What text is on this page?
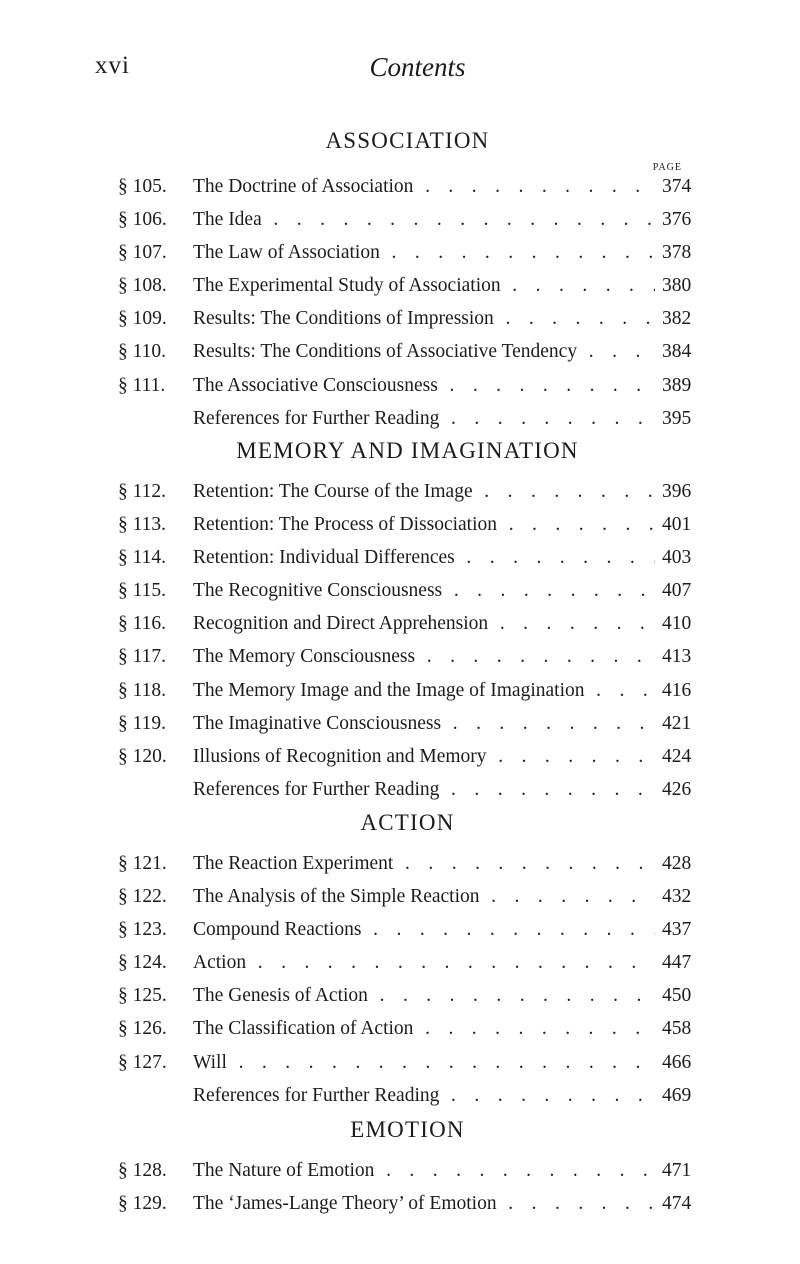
xvi	Contents
ASSOCIATION
PAGE
§ 105. The Doctrine of Association . . .	374
§ 106. The Idea . . .	376
§ 107. The Law of Association . . .	378
§ 108. The Experimental Study of Association . . .	380
§ 109. Results: The Conditions of Impression . . .	382
§ 110. Results: The Conditions of Associative Tendency . . .	384
§ 111. The Associative Consciousness . . .	389
References for Further Reading . . .	395
MEMORY AND IMAGINATION
§ 112. Retention: The Course of the Image . . .	396
§ 113. Retention: The Process of Dissociation . . .	401
§ 114. Retention: Individual Differences . . .	403
§ 115. The Recognitive Consciousness . . .	407
§ 116. Recognition and Direct Apprehension . . .	410
§ 117. The Memory Consciousness . . .	413
§ 118. The Memory Image and the Image of Imagination . . .	416
§ 119. The Imaginative Consciousness . . .	421
§ 120. Illusions of Recognition and Memory . . .	424
References for Further Reading . . .	426
ACTION
§ 121. The Reaction Experiment . . .	428
§ 122. The Analysis of the Simple Reaction . . .	432
§ 123. Compound Reactions . . .	437
§ 124. Action . . .	447
§ 125. The Genesis of Action . . .	450
§ 126. The Classification of Action . . .	458
§ 127. Will . . .	466
References for Further Reading . . .	469
EMOTION
§ 128. The Nature of Emotion . . .	471
§ 129. The ‘James-Lange Theory’ of Emotion . . .	474
